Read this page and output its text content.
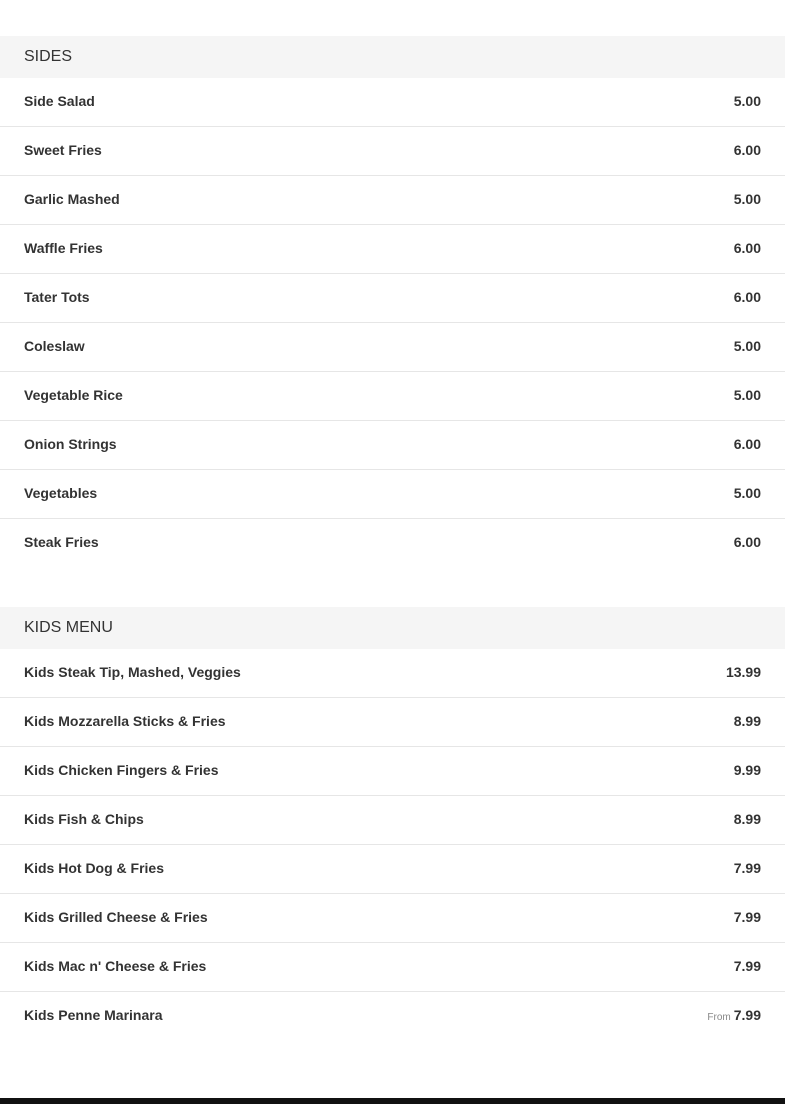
SIDES
Side Salad	5.00
Sweet Fries	6.00
Garlic Mashed	5.00
Waffle Fries	6.00
Tater Tots	6.00
Coleslaw	5.00
Vegetable Rice	5.00
Onion Strings	6.00
Vegetables	5.00
Steak Fries	6.00
KIDS MENU
Kids Steak Tip, Mashed, Veggies	13.99
Kids Mozzarella Sticks & Fries	8.99
Kids Chicken Fingers & Fries	9.99
Kids Fish & Chips	8.99
Kids Hot Dog & Fries	7.99
Kids Grilled Cheese & Fries	7.99
Kids Mac n' Cheese & Fries	7.99
Kids Penne Marinara	From 7.99
